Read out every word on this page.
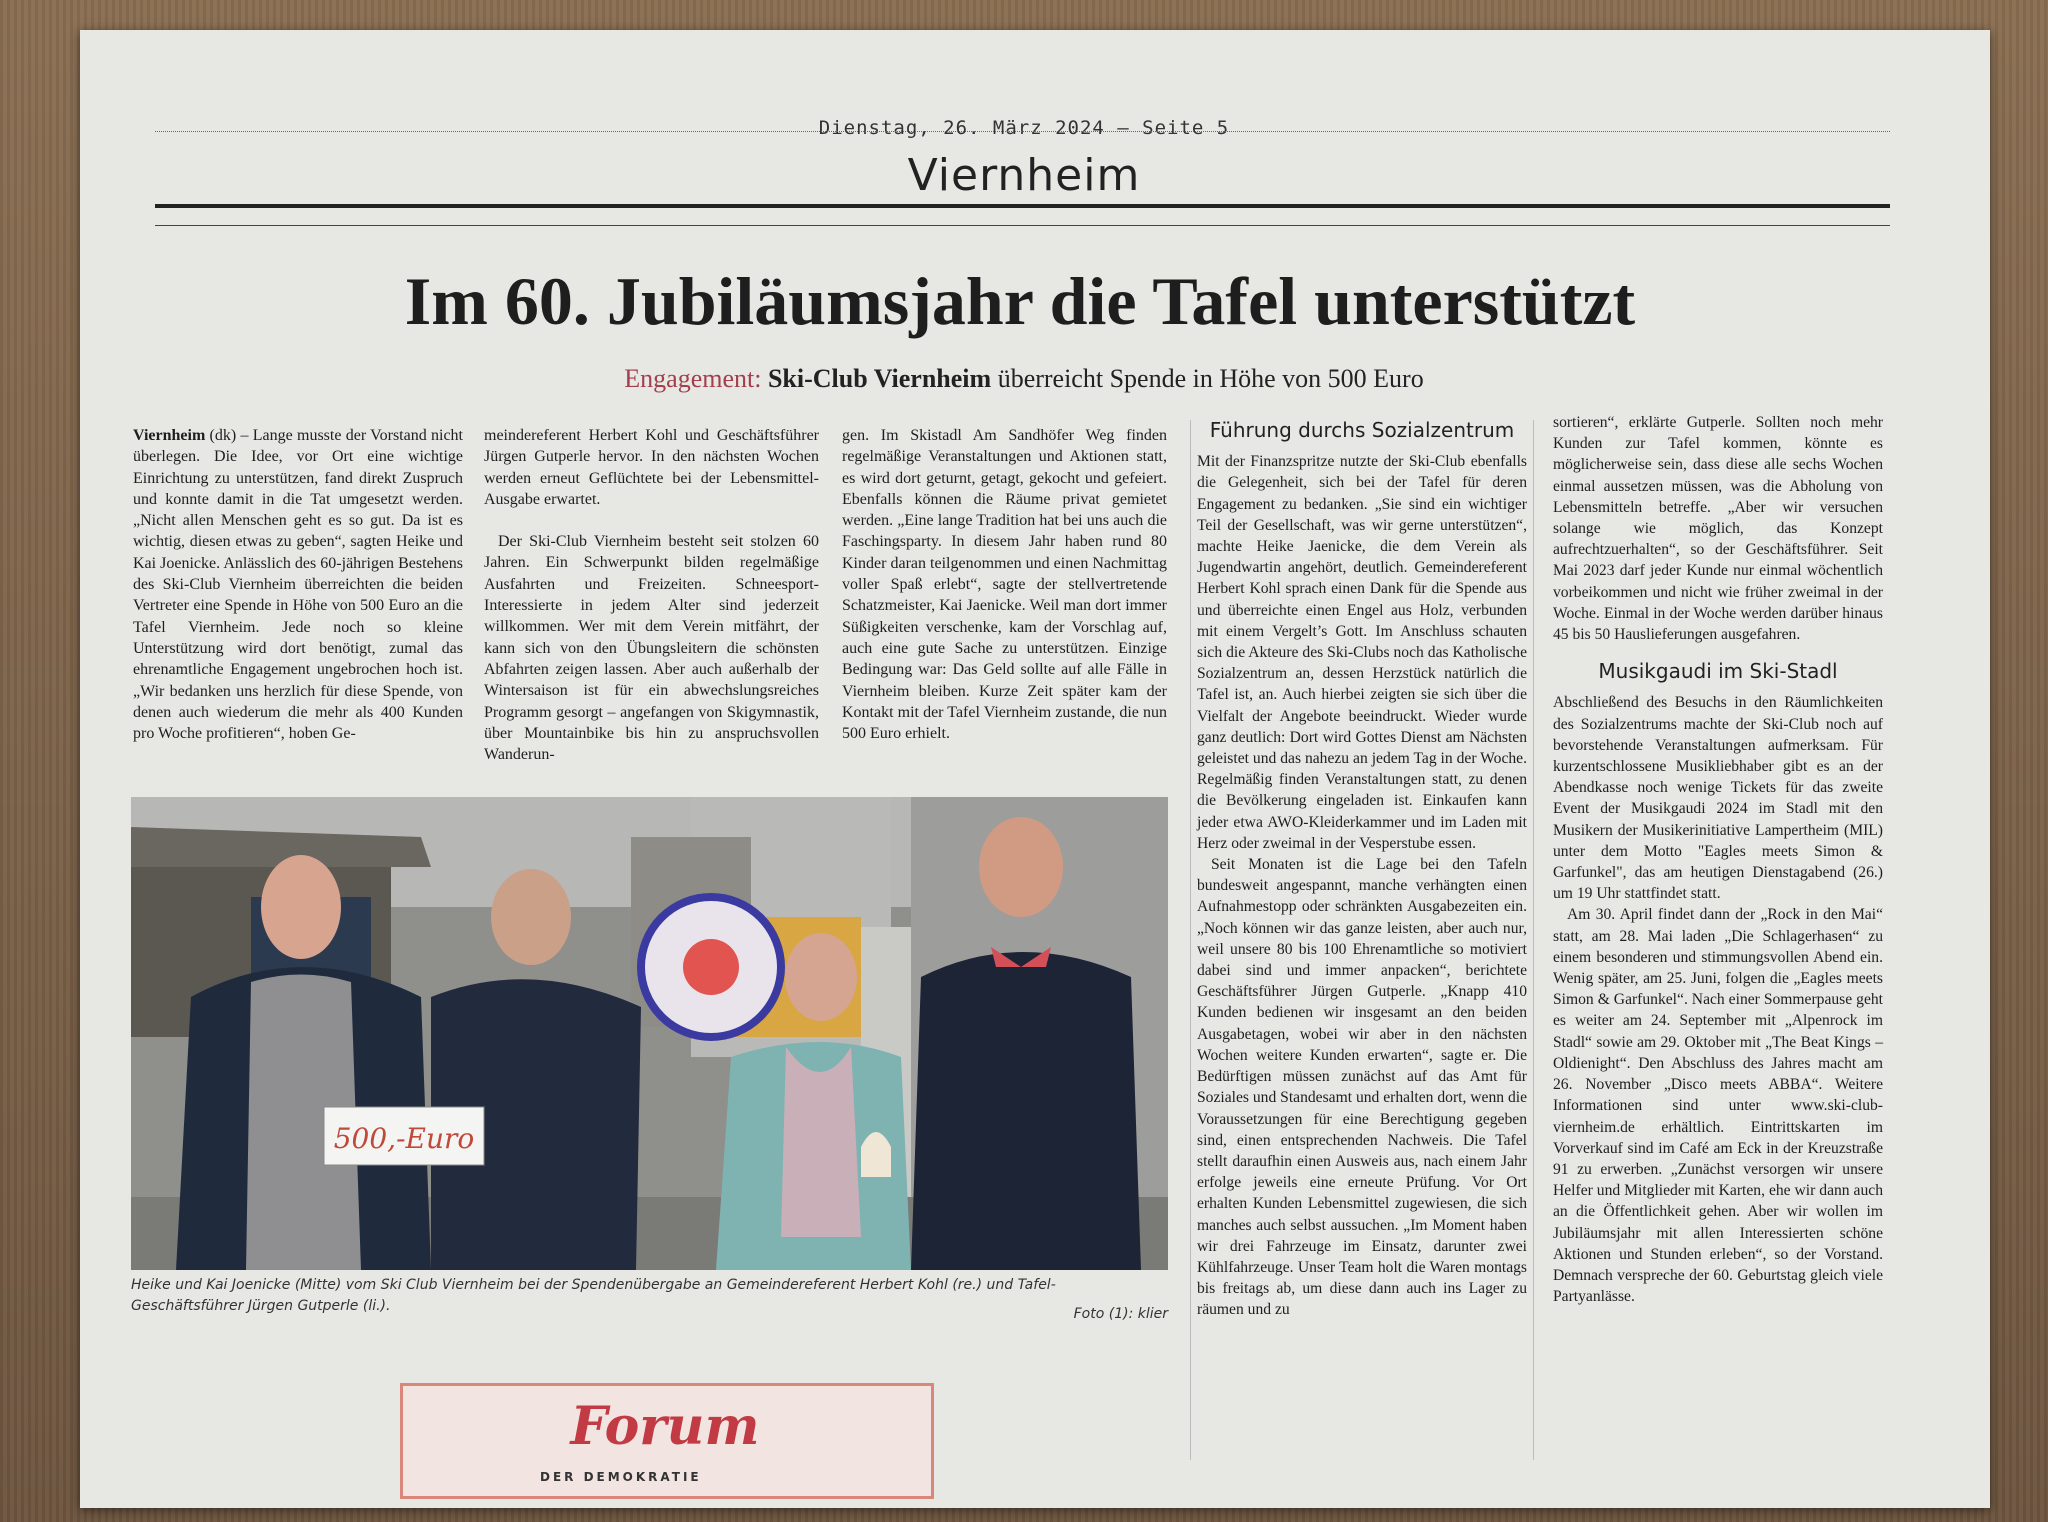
Dienstag, 26. März 2024 – Seite 5
Viernheim
Im 60. Jubiläumsjahr die Tafel unterstützt
Engagement: Ski-Club Viernheim überreicht Spende in Höhe von 500 Euro

Viernheim (dk) – Lange musste der Vorstand nicht überlegen. Die Idee, vor Ort eine wichtige Einrichtung zu unterstützen, fand direkt Zuspruch und konnte damit in die Tat umgesetzt werden. „Nicht allen Menschen geht es so gut. Da ist es wichtig, diesen etwas zu geben“, sagten Heike und Kai Joenicke. Anlässlich des 60-jährigen Bestehens des Ski-Club Viernheim überreichten die beiden Vertreter eine Spende in Höhe von 500 Euro an die Tafel Viernheim. Jede noch so kleine Unterstützung wird dort benötigt, zumal das ehrenamtliche Engagement ungebrochen hoch ist. „Wir bedanken uns herzlich für diese Spende, von denen auch wiederum die mehr als 400 Kunden pro Woche profitieren“, hoben Ge-

meindereferent Herbert Kohl und Geschäftsführer Jürgen Gutperle hervor. In den nächsten Wochen werden erneut Geflüchtete bei der Lebensmittel-Ausgabe erwartet.

Der Ski-Club Viernheim besteht seit stolzen 60 Jahren. Ein Schwerpunkt bilden regelmäßige Ausfahrten und Freizeiten. Schneesport-Interessierte in jedem Alter sind jederzeit willkommen. Wer mit dem Verein mitfährt, der kann sich von den Übungsleitern die schönsten Abfahrten zeigen lassen. Aber auch außerhalb der Wintersaison ist für ein abwechslungsreiches Programm gesorgt – angefangen von Skigymnastik, über Mountainbike bis hin zu anspruchsvollen Wanderun-

gen. Im Skistadl Am Sandhöfer Weg finden regelmäßige Veranstaltungen und Aktionen statt, es wird dort geturnt, getagt, gekocht und gefeiert. Ebenfalls können die Räume privat gemietet werden. „Eine lange Tradition hat bei uns auch die Faschingsparty. In diesem Jahr haben rund 80 Kinder daran teilgenommen und einen Nachmittag voller Spaß erlebt“, sagte der stellvertretende Schatzmeister, Kai Jaenicke. Weil man dort immer Süßigkeiten verschenke, kam der Vorschlag auf, auch eine gute Sache zu unterstützen. Einzige Bedingung war: Das Geld sollte auf alle Fälle in Viernheim bleiben. Kurze Zeit später kam der Kontakt mit der Tafel Viernheim zustande, die nun 500 Euro erhielt.

Führung durchs Sozialzentrum

Mit der Finanzspritze nutzte der Ski-Club ebenfalls die Gelegenheit, sich bei der Tafel für deren Engagement zu bedanken. „Sie sind ein wichtiger Teil der Gesellschaft, was wir gerne unterstützen“, machte Heike Jaenicke, die dem Verein als Jugendwartin angehört, deutlich. Gemeindereferent Herbert Kohl sprach einen Dank für die Spende aus und überreichte einen Engel aus Holz, verbunden mit einem Vergelt’s Gott. Im Anschluss schauten sich die Akteure des Ski-Clubs noch das Katholische Sozialzentrum an, dessen Herzstück natürlich die Tafel ist, an. Auch hierbei zeigten sie sich über die Vielfalt der Angebote beeindruckt. Wieder wurde ganz deutlich: Dort wird Gottes Dienst am Nächsten geleistet und das nahezu an jedem Tag in der Woche. Regelmäßig finden Veranstaltungen statt, zu denen die Bevölkerung eingeladen ist. Einkaufen kann jeder etwa AWO-Kleiderkammer und im Laden mit Herz oder zweimal in der Vesperstube essen.

Seit Monaten ist die Lage bei den Tafeln bundesweit angespannt, manche verhängten einen Aufnahmestopp oder schränkten Ausgabezeiten ein. „Noch können wir das ganze leisten, aber auch nur, weil unsere 80 bis 100 Ehrenamtliche so motiviert dabei sind und immer anpacken“, berichtete Geschäftsführer Jürgen Gutperle. „Knapp 410 Kunden bedienen wir insgesamt an den beiden Ausgabetagen, wobei wir aber in den nächsten Wochen weitere Kunden erwarten“, sagte er. Die Bedürftigen müssen zunächst auf das Amt für Soziales und Standesamt und erhalten dort, wenn die Voraussetzungen für eine Berechtigung gegeben sind, einen entsprechenden Nachweis. Die Tafel stellt daraufhin einen Ausweis aus, nach einem Jahr erfolge jeweils eine erneute Prüfung. Vor Ort erhalten Kunden Lebensmittel zugewiesen, die sich manches auch selbst aussuchen. „Im Moment haben wir drei Fahrzeuge im Einsatz, darunter zwei Kühlfahrzeuge. Unser Team holt die Waren montags bis freitags ab, um diese dann auch ins Lager zu räumen und zu

sortieren“, erklärte Gutperle. Sollten noch mehr Kunden zur Tafel kommen, könnte es möglicherweise sein, dass diese alle sechs Wochen einmal aussetzen müssen, was die Abholung von Lebensmitteln betreffe. „Aber wir versuchen solange wie möglich, das Konzept aufrechtzuerhalten“, so der Geschäftsführer. Seit Mai 2023 darf jeder Kunde nur einmal wöchentlich vorbeikommen und nicht wie früher zweimal in der Woche. Einmal in der Woche werden darüber hinaus 45 bis 50 Hauslieferungen ausgefahren.

Musikgaudi im Ski-Stadl

Abschließend des Besuchs in den Räumlichkeiten des Sozialzentrums machte der Ski-Club noch auf bevorstehende Veranstaltungen aufmerksam. Für kurzentschlossene Musikliebhaber gibt es an der Abendkasse noch wenige Tickets für das zweite Event der Musikgaudi 2024 im Stadl mit den Musikern der Musikerinitiative Lampertheim (MIL) unter dem Motto "Eagles meets Simon & Garfunkel", das am heutigen Dienstagabend (26.) um 19 Uhr stattfindet statt.

Am 30. April findet dann der „Rock in den Mai“ statt, am 28. Mai laden „Die Schlagerhasen“ zu einem besonderen und stimmungsvollen Abend ein. Wenig später, am 25. Juni, folgen die „Eagles meets Simon & Garfunkel“. Nach einer Sommerpause geht es weiter am 24. September mit „Alpenrock im Stadl“ sowie am 29. Oktober mit „The Beat Kings – Oldienight“. Den Abschluss des Jahres macht am 26. November „Disco meets ABBA“. Weitere Informationen sind unter www.ski-club-viernheim.de erhältlich. Eintrittskarten im Vorverkauf sind im Café am Eck in der Kreuzstraße 91 zu erwerben. „Zunächst versorgen wir unsere Helfer und Mitglieder mit Karten, ehe wir dann auch an die Öffentlichkeit gehen. Aber wir wollen im Jubiläumsjahr mit allen Interessierten schöne Aktionen und Stunden erleben“, so der Vorstand. Demnach verspreche der 60. Geburtstag gleich viele Partyanlässe.

500,-Euro
Heike und Kai Joenicke (Mitte) vom Ski Club Viernheim bei der Spendenübergabe an Gemeindereferent Herbert Kohl (re.) und Tafel-Geschäftsführer Jürgen Gutperle (li.).	Foto (1): klier
Forum
DER DEMOKRATIE
